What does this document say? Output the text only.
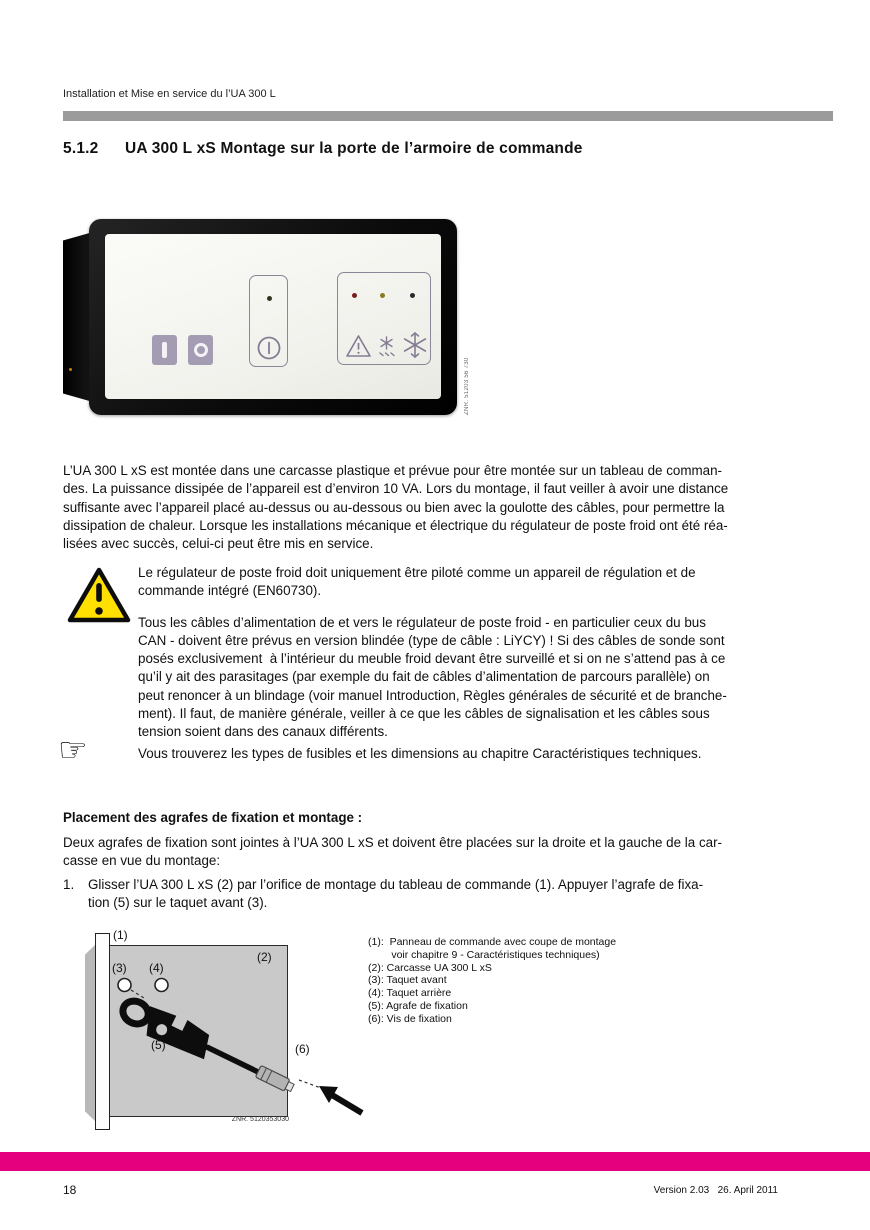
Installation et Mise en service du l’UA 300 L
5.1.2 UA 300 L xS Montage sur la porte de l’armoire de commande
ZNR. 51203 56 730
L’UA 300 L xS est montée dans une carcasse plastique et prévue pour être montée sur un tableau de comman-
des. La puissance dissipée de l’appareil est d’environ 10 VA. Lors du montage, il faut veiller à avoir une distance
suffisante avec l’appareil placé au-dessus ou au-dessous ou bien avec la goulotte des câbles, pour permettre la
dissipation de chaleur. Lorsque les installations mécanique et électrique du régulateur de poste froid ont été réa-
lisées avec succès, celui-ci peut être mis en service.
Le régulateur de poste froid doit uniquement être piloté comme un appareil de régulation et de
commande intégré (EN60730).
Tous les câbles d’alimentation de et vers le régulateur de poste froid - en particulier ceux du bus
CAN - doivent être prévus en version blindée (type de câble : LiYCY) ! Si des câbles de sonde sont
posés exclusivement  à l’intérieur du meuble froid devant être surveillé et si on ne s’attend pas à ce
qu’il y ait des parasitages (par exemple du fait de câbles d’alimentation de parcours parallèle) on
peut renoncer à un blindage (voir manuel Introduction, Règles générales de sécurité et de branche-
ment). Il faut, de manière générale, veiller à ce que les câbles de signalisation et les câbles sous
tension soient dans des canaux différents.
☞	Vous trouverez les types de fusibles et les dimensions au chapitre Caractéristiques techniques.
Placement des agrafes de fixation et montage :
Deux agrafes de fixation sont jointes à l’UA 300 L xS et doivent être placées sur la droite et la gauche de la car-
casse en vue du montage:
1. Glisser l’UA 300 L xS (2) par l’orifice de montage du tableau de commande (1). Appuyer l’agrafe de fixa-
tion (5) sur le taquet avant (3).
(1)
(2)
(3) (4)
(5)	(6)
ZNR. 5120353030
(1):  Panneau de commande avec coupe de montage
voir chapitre 9 - Caractéristiques techniques)
(2): Carcasse UA 300 L xS
(3): Taquet avant
(4): Taquet arrière
(5): Agrafe de fixation
(6): Vis de fixation
18	Version 2.03   26. April 2011
